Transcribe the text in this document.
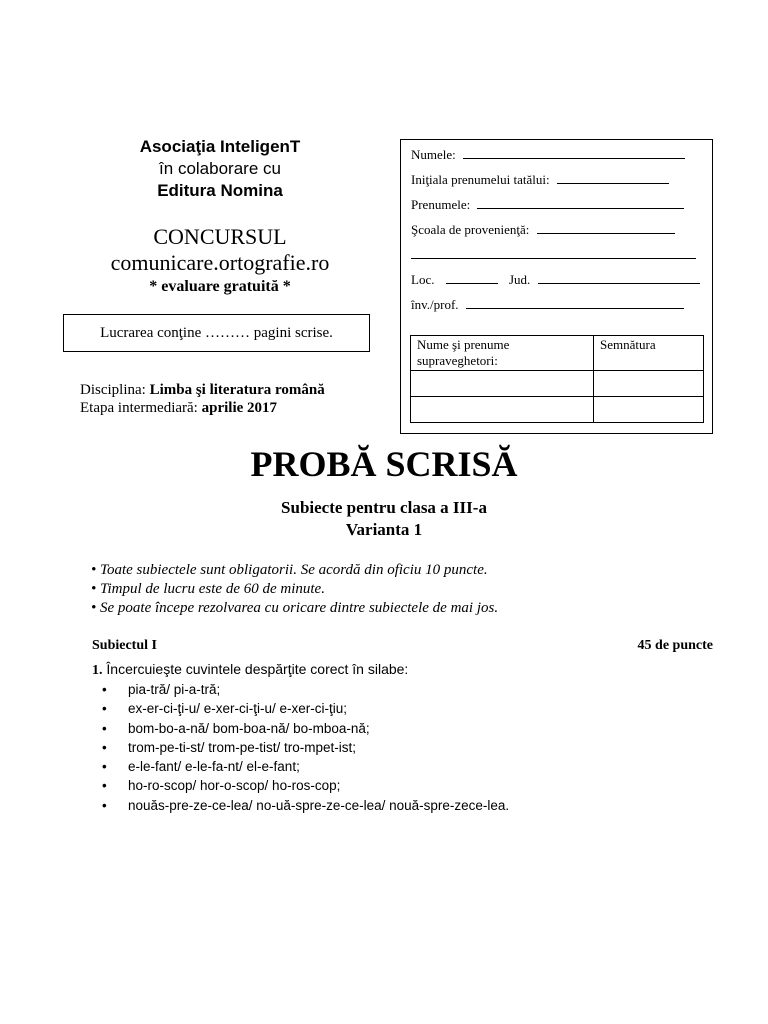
Asociaţia InteligenT
în colaborare cu
Editura Nomina
CONCURSUL
comunicare.ortografie.ro
* evaluare gratuită *
Lucrarea conţine ……… pagini scrise.
Disciplina: Limba şi literatura română
Etapa intermediară: aprilie 2017
Numele:
Iniţiala prenumelui tatălui:
Prenumele:
Şcoala de provenienţă:
Loc.	Jud.
înv./prof.
Nume şi prenume supraveghetori:	Semnătura

PROBĂ SCRISĂ
Subiecte pentru clasa a III-a
Varianta 1
• Toate subiectele sunt obligatorii. Se acordă din oficiu 10 puncte.
• Timpul de lucru este de 60 de minute.
• Se poate începe rezolvarea cu oricare dintre subiectele de mai jos.
Subiectul I	45 de puncte
1. Încercuieşte cuvintele despărţite corect în silabe:
• pia-tră/ pi-a-tră;
• ex-er-ci-ţi-u/ e-xer-ci-ţi-u/ e-xer-ci-ţiu;
• bom-bo-a-nă/ bom-boa-nă/ bo-mboa-nă;
• trom-pe-ti-st/ trom-pe-tist/ tro-mpet-ist;
• e-le-fant/ e-le-fa-nt/ el-e-fant;
• ho-ro-scop/ hor-o-scop/ ho-ros-cop;
• nouăs-pre-ze-ce-lea/ no-uă-spre-ze-ce-lea/ nouă-spre-zece-lea.
